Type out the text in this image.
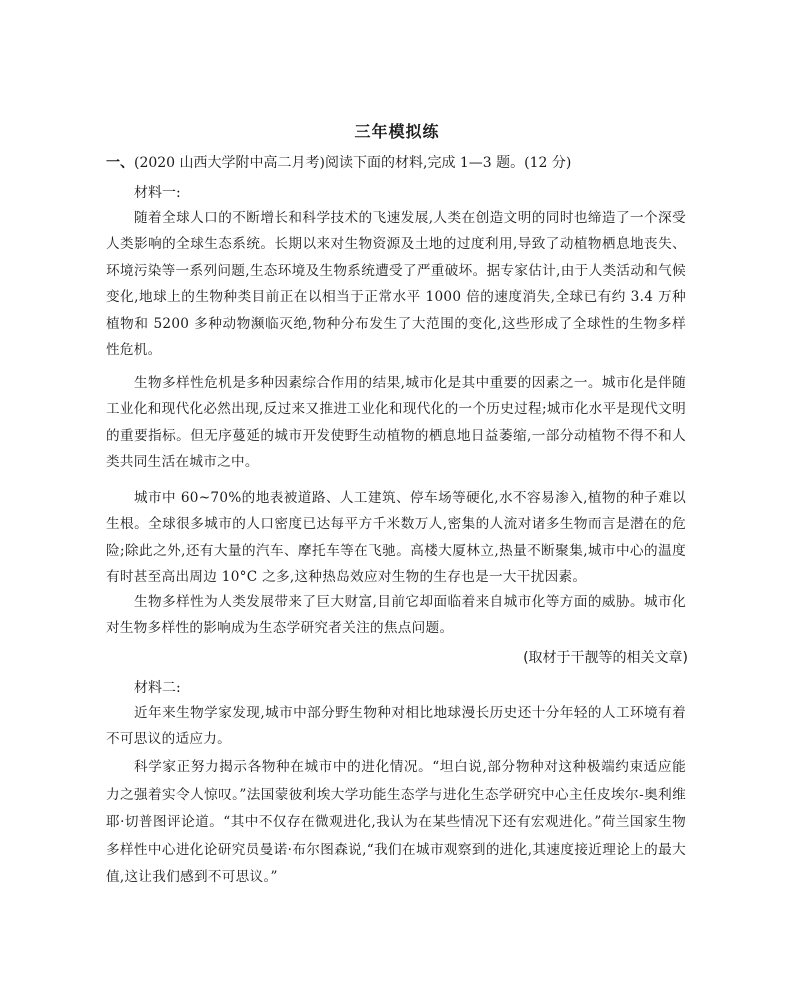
三年模拟练
一、(2020 山西大学附中高二月考)阅读下面的材料,完成 1—3 题。(12 分)
材料一:

随着全球人口的不断增长和科学技术的飞速发展,人类在创造文明的同时也缔造了一个深受人类影响的全球生态系统。长期以来对生物资源及土地的过度利用,导致了动植物栖息地丧失、环境污染等一系列问题,生态环境及生物系统遭受了严重破坏。据专家估计,由于人类活动和气候变化,地球上的生物种类目前正在以相当于正常水平 1000 倍的速度消失,全球已有约 3.4 万种植物和 5200 多种动物濒临灭绝,物种分布发生了大范围的变化,这些形成了全球性的生物多样性危机。

生物多样性危机是多种因素综合作用的结果,城市化是其中重要的因素之一。城市化是伴随工业化和现代化必然出现,反过来又推进工业化和现代化的一个历史过程;城市化水平是现代文明的重要指标。但无序蔓延的城市开发使野生动植物的栖息地日益萎缩,一部分动植物不得不和人类共同生活在城市之中。

城市中 60~70%的地表被道路、人工建筑、停车场等硬化,水不容易渗入,植物的种子难以生根。全球很多城市的人口密度已达每平方千米数万人,密集的人流对诸多生物而言是潜在的危险;除此之外,还有大量的汽车、摩托车等在飞驰。高楼大厦林立,热量不断聚集,城市中心的温度有时甚至高出周边 10°C 之多,这种热岛效应对生物的生存也是一大干扰因素。

生物多样性为人类发展带来了巨大财富,目前它却面临着来自城市化等方面的威胁。城市化对生物多样性的影响成为生态学研究者关注的焦点问题。

(取材于干靓等的相关文章)
材料二:

近年来生物学家发现,城市中部分野生物种对相比地球漫长历史还十分年轻的人工环境有着不可思议的适应力。

科学家正努力揭示各物种在城市中的进化情况。“坦白说,部分物种对这种极端约束适应能力之强着实令人惊叹。”法国蒙彼利埃大学功能生态学与进化生态学研究中心主任皮埃尔-奥利维耶·切普图评论道。“其中不仅存在微观进化,我认为在某些情况下还有宏观进化。”荷兰国家生物多样性中心进化论研究员曼诺·布尔图森说,“我们在城市观察到的进化,其速度接近理论上的最大值,这让我们感到不可思议。”
